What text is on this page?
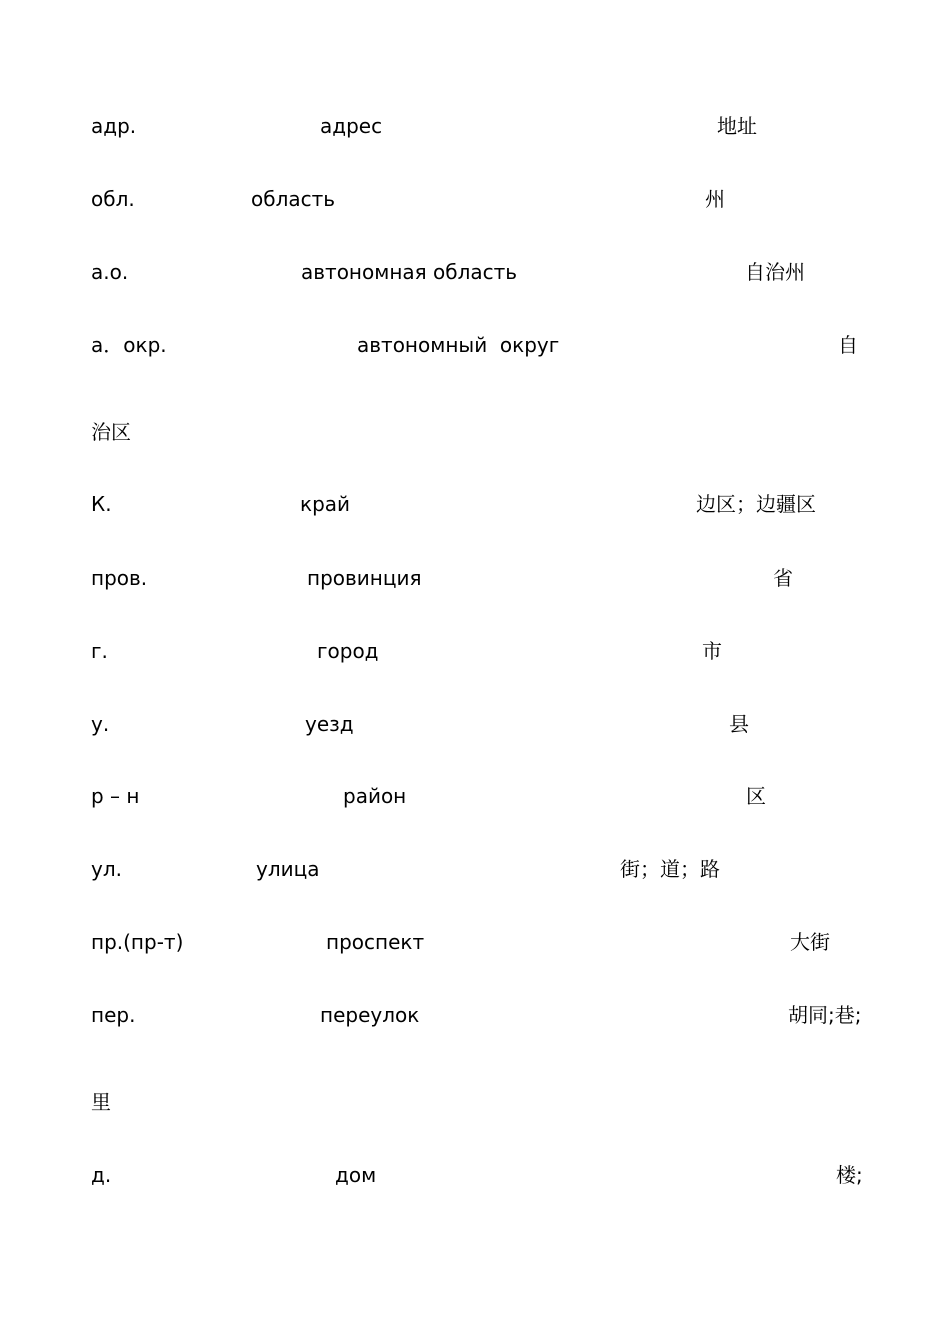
адр.	адрес	地址
обл.	область	州
а.о.	автономная область	自治州
а．окр.	автономный  округ	自
治区
К.	край	边区；边疆区
пров.	провинция	省
г.	город	市
у.	уезд	县
р – н	район	区
ул.	улица	街；道；路
пр.(пр-т)	проспект	大街
пер.	переулок	胡同;巷;
里
д.	дом	楼;
